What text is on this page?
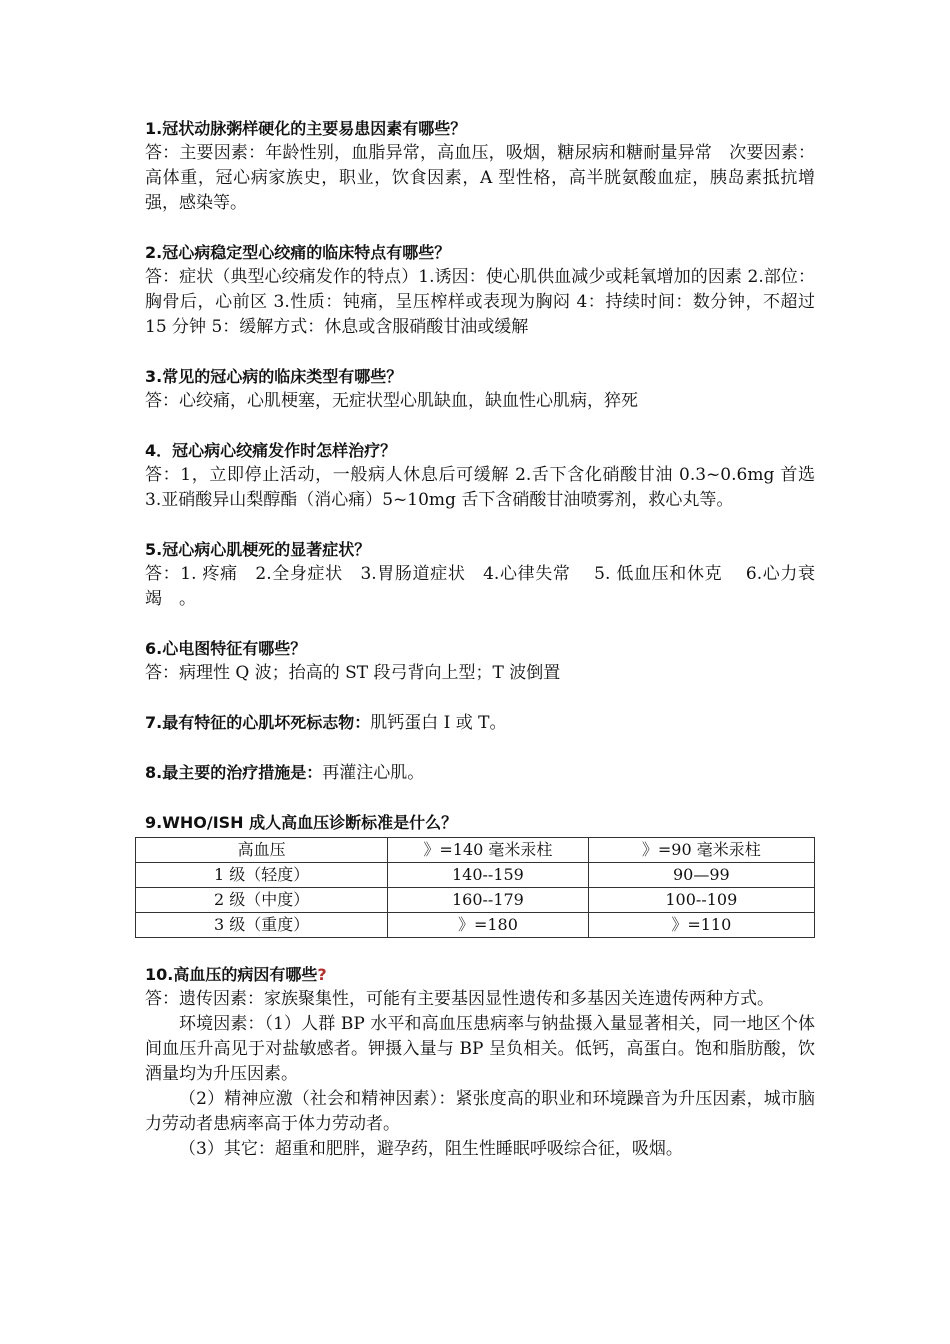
1.冠状动脉粥样硬化的主要易患因素有哪些？
答：主要因素：年龄性别，血脂异常，高血压，吸烟，糖尿病和糖耐量异常　次要因素：高体重，冠心病家族史，职业，饮食因素，A 型性格，高半胱氨酸血症，胰岛素抵抗增强，感染等。
2.冠心病稳定型心绞痛的临床特点有哪些？
答：症状（典型心绞痛发作的特点）1.诱因：使心肌供血减少或耗氧增加的因素 2.部位：胸骨后，心前区 3.性质：钝痛，呈压榨样或表现为胸闷 4：持续时间：数分钟，不超过 15 分钟 5：缓解方式：休息或含服硝酸甘油或缓解
3.常见的冠心病的临床类型有哪些？
答：心绞痛，心肌梗塞，无症状型心肌缺血，缺血性心肌病，猝死
4．冠心病心绞痛发作时怎样治疗？
答：1，立即停止活动，一般病人休息后可缓解 2.舌下含化硝酸甘油 0.3~0.6mg 首选 3.亚硝酸异山梨醇酯（消心痛）5~10mg 舌下含硝酸甘油喷雾剂，救心丸等。
5.冠心病心肌梗死的显著症状？
答：1. 疼痛　2.全身症状　3.胃肠道症状　4.心律失常　 5. 低血压和休克　 6.心力衰竭　。
6.心电图特征有哪些？
答：病理性 Q 波；抬高的 ST 段弓背向上型；T 波倒置
7.最有特征的心肌坏死标志物：肌钙蛋白 I 或 T。
8.最主要的治疗措施是：再灌注心肌。
9.WHO/ISH 成人高血压诊断标准是什么？
高血压	》=140 毫米汞柱	》=90 毫米汞柱
1 级（轻度）	140--159	90—99
2 级（中度）	160--179	100--109
3 级（重度）	》=180	》=110
10.高血压的病因有哪些?
答：遗传因素：家族聚集性，可能有主要基因显性遗传和多基因关连遗传两种方式。
环境因素：（1）人群 BP 水平和高血压患病率与钠盐摄入量显著相关，同一地区个体间血压升高见于对盐敏感者。钾摄入量与 BP 呈负相关。低钙，高蛋白。饱和脂肪酸，饮酒量均为升压因素。
（2）精神应激（社会和精神因素）：紧张度高的职业和环境躁音为升压因素，城市脑力劳动者患病率高于体力劳动者。
（3）其它：超重和肥胖，避孕药，阻生性睡眠呼吸综合征，吸烟。
